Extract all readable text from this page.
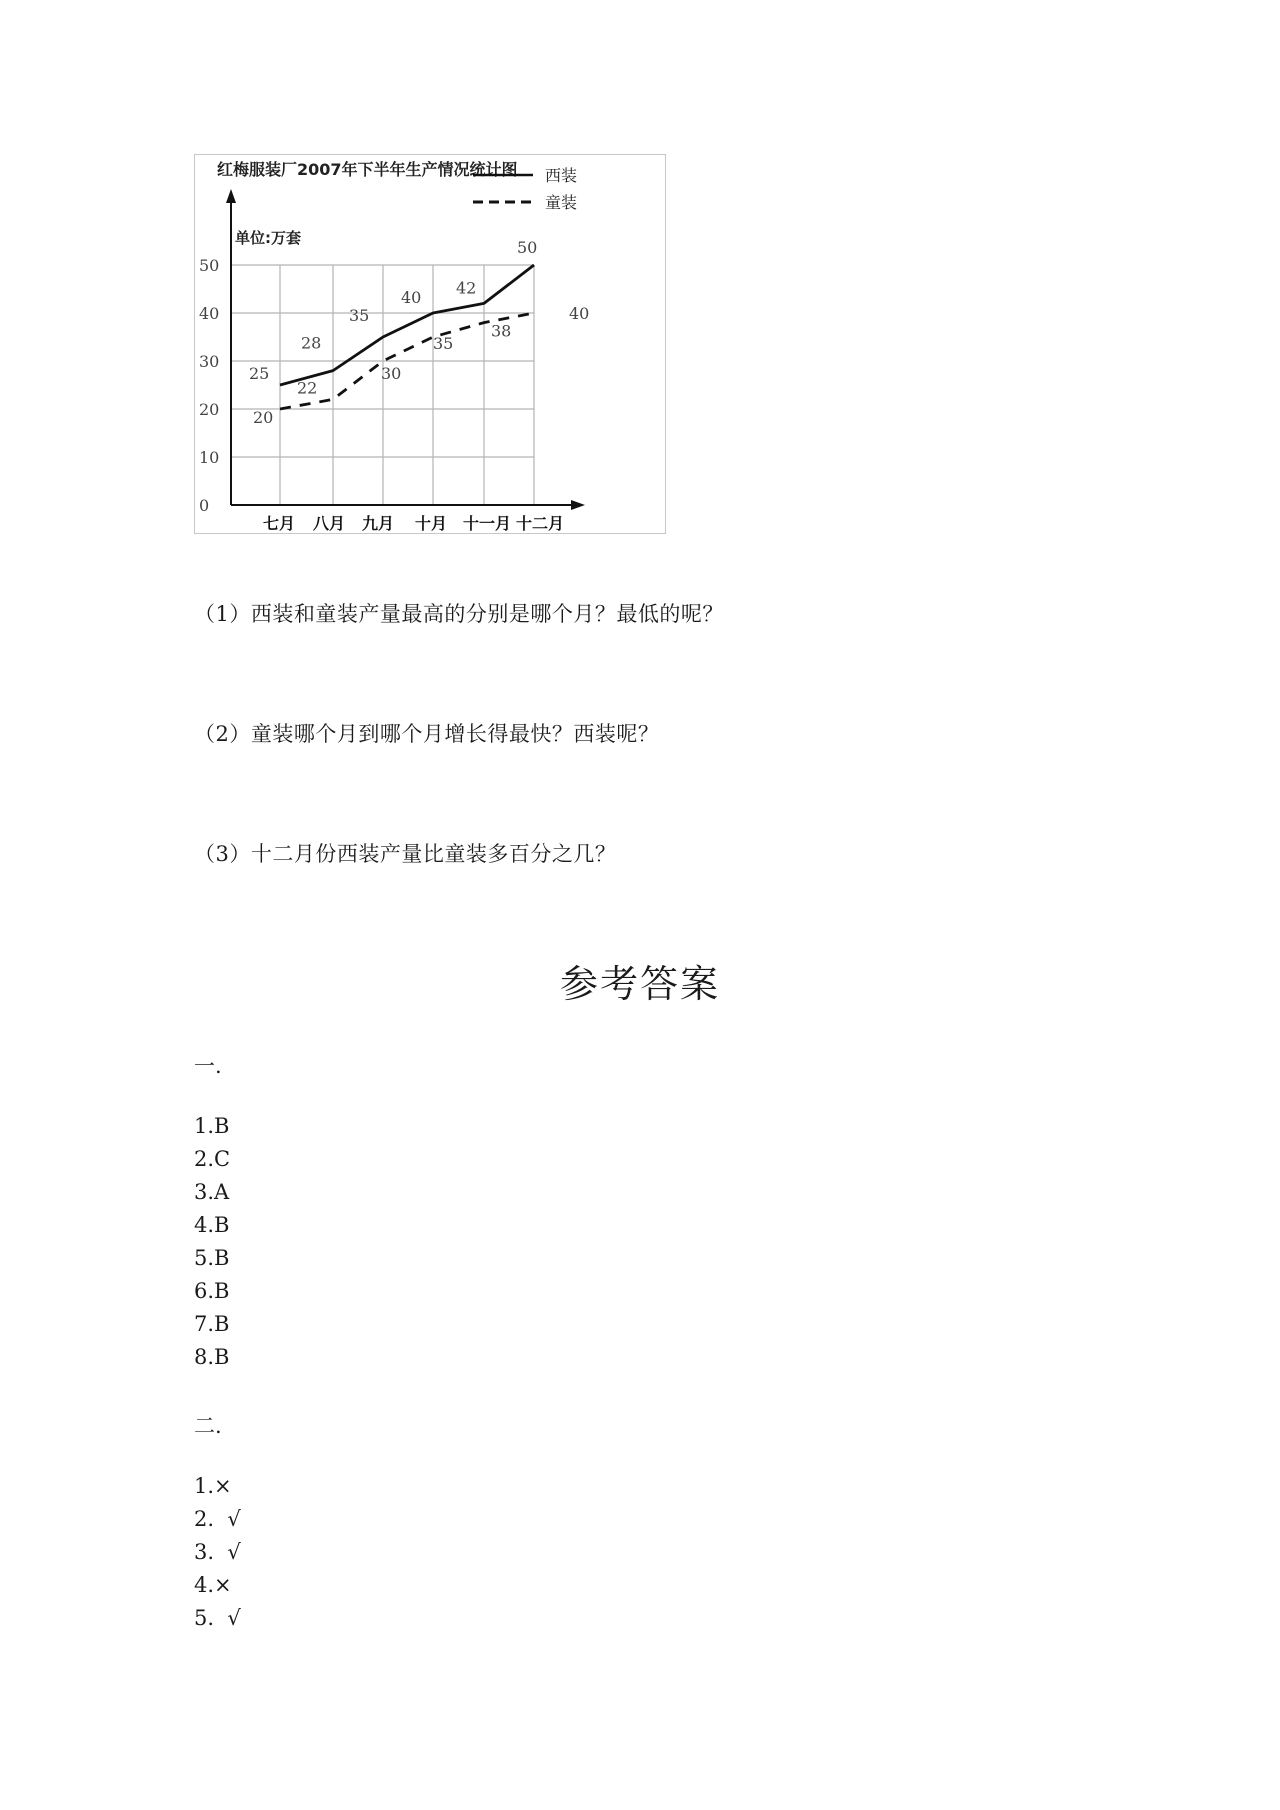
红梅服装厂2007年下半年生产情况统计图 西装
童装
单位:万套
0
10
20
30
40
50
七月 八月 九月 十月 十一月 十二月
25
28
35
40
42
50
20
22
30
35
38
40
（1）西装和童装产量最高的分别是哪个月？最低的呢？
（2）童装哪个月到哪个月增长得最快？西装呢？
（3）十二月份西装产量比童装多百分之几？
参考答案
一.
1.B
2.C
3.A
4.B
5.B
6.B
7.B
8.B
二.
1.×
2.  √
3.  √
4.×
5.  √
